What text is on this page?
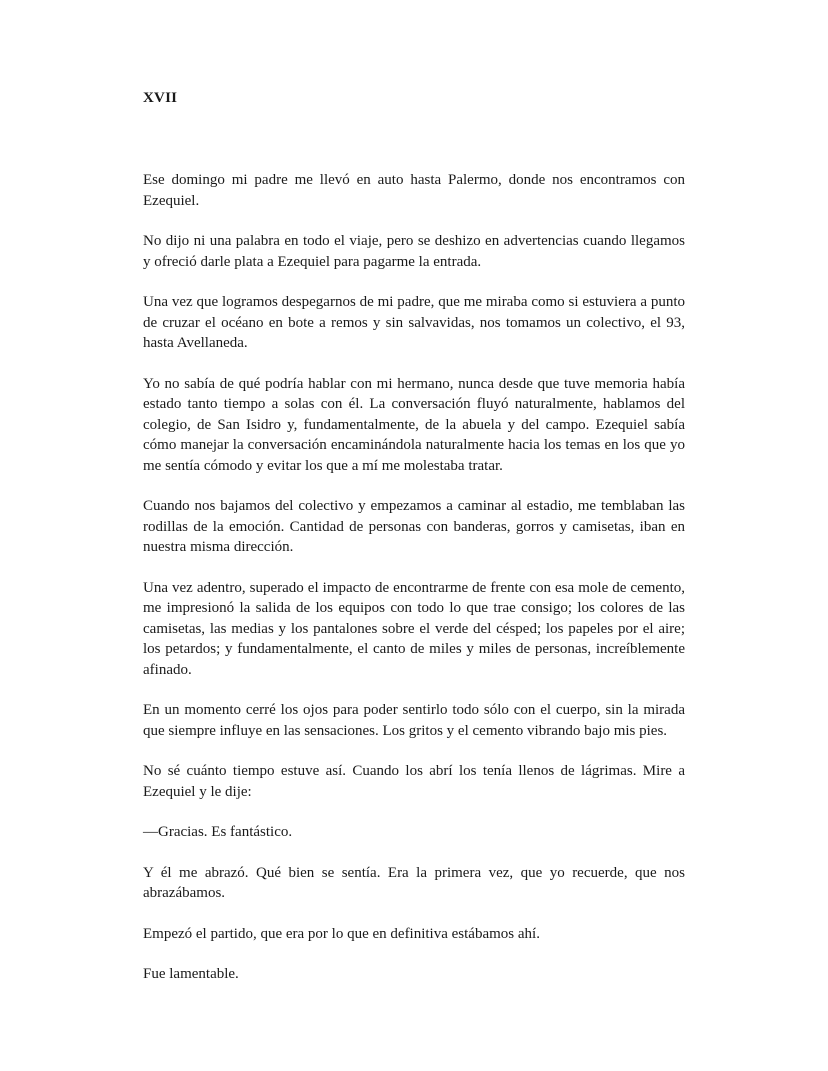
XVII

Ese domingo mi padre me llevó en auto hasta Palermo, donde nos encontramos con Ezequiel.

No dijo ni una palabra en todo el viaje, pero se deshizo en advertencias cuando llegamos y ofreció darle plata a Ezequiel para pagarme la entrada.

Una vez que logramos despegarnos de mi padre, que me miraba como si estuviera a punto de cruzar el océano en bote a remos y sin salvavidas, nos tomamos un colectivo, el 93, hasta Avellaneda.

Yo no sabía de qué podría hablar con mi hermano, nunca desde que tuve memoria había estado tanto tiempo a solas con él. La conversación fluyó naturalmente, hablamos del colegio, de San Isidro y, fundamentalmente, de la abuela y del campo. Ezequiel sabía cómo manejar la conversación encaminándola naturalmente hacia los temas en los que yo me sentía cómodo y evitar los que a mí me molestaba tratar.

Cuando nos bajamos del colectivo y empezamos a caminar al estadio, me temblaban las rodillas de la emoción. Cantidad de personas con banderas, gorros y camisetas, iban en nuestra misma dirección.

Una vez adentro, superado el impacto de encontrarme de frente con esa mole de cemento, me impresionó la salida de los equipos con todo lo que trae consigo; los colores de las camisetas, las medias y los pantalones sobre el verde del césped; los papeles por el aire; los petardos; y fundamentalmente, el canto de miles y miles de personas, increíblemente afinado.

En un momento cerré los ojos para poder sentirlo todo sólo con el cuerpo, sin la mirada que siempre influye en las sensaciones. Los gritos y el cemento vibrando bajo mis pies.

No sé cuánto tiempo estuve así. Cuando los abrí los tenía llenos de lágrimas. Mire a Ezequiel y le dije:

—Gracias. Es fantástico.

Y él me abrazó. Qué bien se sentía. Era la primera vez, que yo recuerde, que nos abrazábamos.

Empezó el partido, que era por lo que en definitiva estábamos ahí.

Fue lamentable.
